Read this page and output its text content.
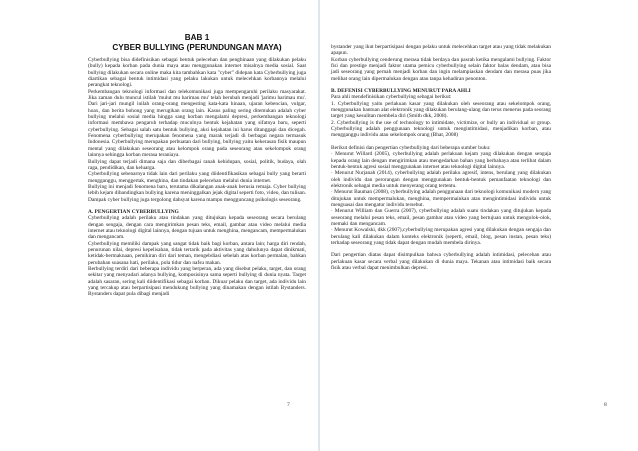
BAB 1
CYBER BULLYING (PERUNDUNGAN MAYA)

Cyberbullying bisa didefinisikan sebagai bentuk pelecehan dan penghinaan yang dilakukan pelaku (bully) kepada korban pada dunia maya atau menggunakan internet misalnya media sosial. Saat bullying dilakukan secara online maka kita tambahkan kata "cyber" didepan kata Cyberbullying juga diartikan sebagai bentuk intimidasi yang pelaku lakukan untuk melecehkan korbannya melalui perangkat teknologi.

Perkembangan teknologi informasi dan telekomunikasi juga mempengaruhi perilaku masyarakat. Jika zaman dulu muncul istilah 'mulut mu harimau mu' telah berubah menjadi 'jarimu harimau mu'. Dari jari-jari mungil inilah orang-orang mengesting kata-kata hinaan, ujaran kebencian, vulgar, hoax, dan berita bohong yang merugikan orang lain. Kasus paling sering ditemukan adalah cyber bullying melalui sosial media hingga sang korban mengalami depresi, perkembangan teknologi informasi membawa pengaruh terhadap muculnya bentuk kejahatan yang sifatnya baru, seperti cyberbullying. Sebagai salah satu bentuk bullying, aksi kejahatan ini harus ditanggapi dan dicegah. Fenomena cyberbullying merupakan fenomena yang marak terjadi di berbagai negara termasuk Indonesia. Cyberbullying merupakan perbuatan dari bullying, bullying yaitu kekerasan fisik maupun mental yang dilakukan seseorang atau kelompok orang pada seseorang atau sekelompok orang lainnya sehingga korban merasa teraniaya.

Bullying dapat terjadi dimana saja dan diberbagai ranah kehidupan, sosial, politik, budaya, olah raga, pendidikan, dan keluarga.

Cyberbullying sebenarnya tidak lain dari perilaku yang diidentifikasikan sebagai bully yang berarti mengganggu, menggertak, menghina, dan tindakan pelecehan melalui dunia internet.

Bullying ini menjadi fenomena baru, terutama dikalangan anak-anak berusia remaja. Cyber bullying lebih kejam dibandingkan bullying karena meninggalkan jejak digital seperti foto, video, dan tulisan. Dampak cyber bullying juga tergolong dahsyat karena mampu mengguncang psikologis seseorang.

A. PENGERTIAN CYBERBULLYING

Cyberbullying adalah perilaku atau tindakan yang ditujukan kepada seseorang secara berulang dengan sengaja, dengan cara mengirimkan pesan teks, email, gambar atau video melalui media internet atau teknologi digital lainnya, dengan tujuan untuk menghina, mengancam, mempermalukan dan mengancam.

Cyberbullying memiliki dampak yang sangat tidak baik bagi korban, antara lain; harga diri rendah, penurunan nilai, depresi kepelisahan, tidak tertarik pada aktivitas yang dahulunya dapat dinikmati, ketidak-bermaknaan, pemikiran diri dari teman, mengebdiasi sebelah atas korban permalan, bahkan perubahan suasana hati, perilaku, pola tidur dan nafsu makan.

Berbullying terdiri dari beberapa individu yang berperan, ada yang disebut pelaku, target, dan orang sekitar yang menyadari adanya bullying, komposisinya sama seperti bullying di dunia nyata. Target adalah sasaran, sering kali diidentifikasi sebagai korban. Dikuar pelaku dan target, ada individu lain yang tercakup atau berpartisipasi mendukung bullying yang dinamakan dengan istilah Bystanders. Bystanders dapat pula dibagi menjadi

7

bystander yang ikut berpartisipasi dengan pelaku untuk melecehkan target atau yang tidak melakukan apapun.

Korban cyberbullying cenderung merasa tidak berdaya dan pasrah ketika mengalami bullying. Faktor fisi dan prestige menjadi faktor utama pemicu cyberbullying selain faktor balas dendam, atau bisa jadi seseorang yang pernah menjadi korban dan ingin melampiaskan dendam dan merasa puas jika melihat orang lain dipermalukan dengan atau tanpa kehadiran penonton.

B. DEFENISI CYBERBULLYING MENURUT PARA AHLI

Para ahli mendefinisikan cyberbullying sebagai berikut:

1. Cyberbullying yaitu perlakuan kasar yang dilakukan oleh seseorang atau sekelompok orang, menggunakan bantuan alat elektronik yang dilakukan berulang-ulang dan terus menerus pada seorang target yang kesulitan membela diri (Smith dkk, 2008).

2. Cyberbullying is the use of technology to intimidate, victimize, or bully an individual or group. Cyberbullying adalah penggunaan teknologi untuk mengintimidasi, menjadikan korban, atau mengganggu individu atau sekelompok orang (Bhat, 2008)

Berikut definisi dan pengertian cyberbullying dari beberapa sumber buku:

· Menurut Willard (2005), cyberbullying adalah perlakuan kejam yang dilakukan dengan sengaja kepada orang lain dengan mengirimkan atau mengedarkan bahan yang berbahaya atau terlibat dalam bentuk-bentuk agresi sosial menggunakan internet atau teknologi digital lainnya.

· Menurut Nurjanah (2014), cyberbullying adalah perilaku agresif, intens, berulang yang dilakukan oleh individu dan perorangan dengan menggunakan bentuk-bentuk pemanfaatan teknologi dan elektronik sebagai media untuk menyerang orang tertentu.

· Menurut Bauman (2008), cyberbullying adalah penggunaan dari teknologi komunikasi modern yang ditujukan untuk mempermalukan, menghina, mempermainkan atau mengintimidasi individu untuk menguasai dan mengatur individu tersebut.

· Menurut William dan Guerra (2007), cyberbullying adalah suatu tindakan yang ditujukan kepada seseorang melalui pesan teks, email, pesan gambar atau video yang bertujuan untuk mengolok-olok, memaki dan mengancam.

· Menurut Kowalski, dkk (2007),cyberbullying merupakan agresi yang dilakukan dengan sengaja dan berulang kali dilakukan dalam konteks elektronik (seperti, email, blog, pesan instan, pesan teks) terhadap seseorang yang tidak dapat dengan mudah membela dirinya.

Dari pengertian diatas dapat disimpulkan bahwa cyberbullying adalah intimidasi, pelecehan atau perlakuan kasar secara verbal yang dilakukan di dunia maya. Tekanan atau intimidasi baik secara fisik atau verbal dapat menimbulkan depresi.

8
